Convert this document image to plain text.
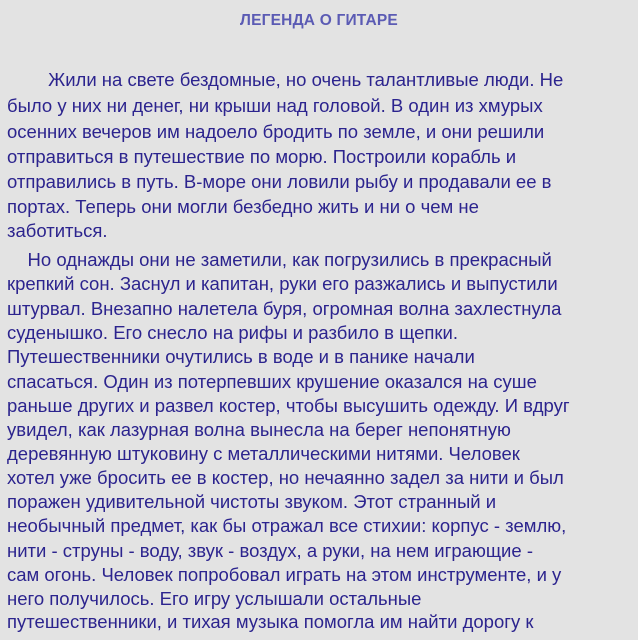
ЛЕГЕНДА О ГИТАРЕ
Жили на свете бездомные, но очень талантливые люди. Не
было у них ни денег, ни крыши над головой. В один из хмурых
осенних вечеров им надоело бродить по земле, и они решили
отправиться в путешествие по морю. Построили корабль и
отправились в путь. В-море они ловили рыбу и продавали ее в
портах. Теперь они могли безбедно жить и ни о чем не
заботиться.
Но однажды они не заметили, как погрузились в прекрасный
крепкий сон. Заснул и капитан, руки его разжались и выпустили
штурвал. Внезапно налетела буря, огромная волна захлестнула
суденышко. Его снесло на рифы и разбило в щепки.
Путешественники очутились в воде и в панике начали
спасаться. Один из потерпевших крушение оказался на суше
раньше других и развел костер, чтобы высушить одежду. И вдруг
увидел, как лазурная волна вынесла на берег непонятную
деревянную штуковину с металлическими нитями. Человек
хотел уже бросить ее в костер, но нечаянно задел за нити и был
поражен удивительной чистоты звуком. Этот странный и
необычный предмет, как бы отражал все стихии: корпус - землю,
нити - струны - воду, звук - воздух, а руки, на нем играющие -
сам огонь. Человек попробовал играть на этом инструменте, и у
него получилось. Его игру услышали остальные
путешественники, и тихая музыка помогла им найти дорогу к
